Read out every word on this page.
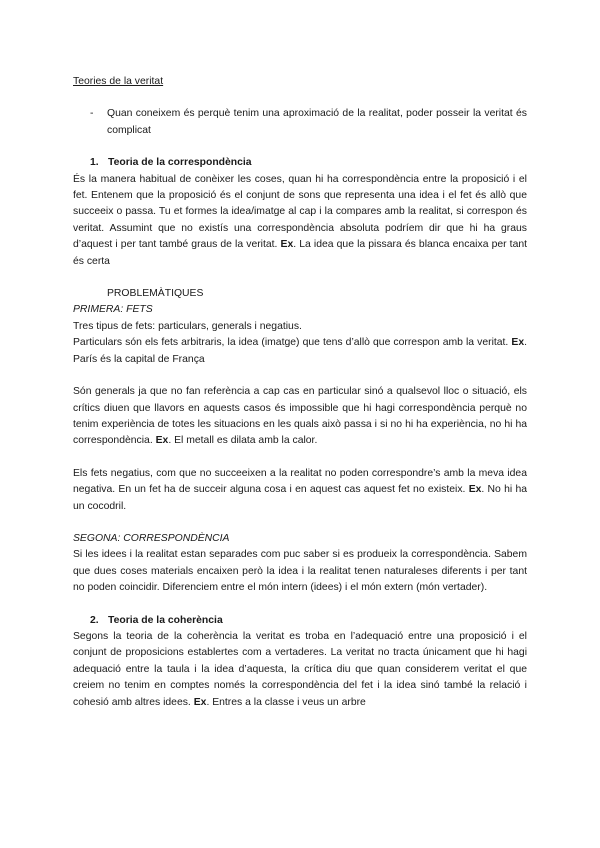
Teories de la veritat

- Quan coneixem és perquè tenim una aproximació de la realitat, poder posseir la veritat és complicat

1. Teoria de la correspondència

És la manera habitual de conèixer les coses, quan hi ha correspondència entre la proposició i el fet. Entenem que la proposició és el conjunt de sons que representa una idea i el fet és allò que succeeix o passa. Tu et formes la idea/imatge al cap i la compares amb la realitat, si correspon és veritat. Assumint que no existís una correspondència absoluta podríem dir que hi ha graus d’aquest i per tant també graus de la veritat. Ex. La idea que la pissara és blanca encaixa per tant és certa

PROBLEMÀTIQUES

PRIMERA: FETS

Tres tipus de fets: particulars, generals i negatius.

Particulars són els fets arbitraris, la idea (imatge) que tens d’allò que correspon amb la veritat. Ex. París és la capital de França

Són generals ja que no fan referència a cap cas en particular sinó a qualsevol lloc o situació, els crítics diuen que llavors en aquests casos és impossible que hi hagi correspondència perquè no tenim experiència de totes les situacions en les quals això passa i si no hi ha experiència, no hi ha correspondència. Ex. El metall es dilata amb la calor.

Els fets negatius, com que no succeeixen a la realitat no poden correspondre’s amb la meva idea negativa. En un fet ha de succeir alguna cosa i en aquest cas aquest fet no existeix. Ex. No hi ha un cocodril.

SEGONA: CORRESPONDÈNCIA

Si les idees i la realitat estan separades com puc saber si es produeix la correspondència. Sabem que dues coses materials encaixen però la idea i la realitat tenen naturaleses diferents i per tant no poden coincidir. Diferenciem entre el món intern (idees) i el món extern (món vertader).

2. Teoria de la coherència

Segons la teoria de la coherència la veritat es troba en l’adequació entre una proposició i el conjunt de proposicions establertes com a vertaderes. La veritat no tracta únicament que hi hagi adequació entre la taula i la idea d’aquesta, la crítica diu que quan considerem veritat el que creiem no tenim en comptes només la correspondència del fet i la idea sinó també la relació i cohesió amb altres idees. Ex. Entres a la classe i veus un arbre
